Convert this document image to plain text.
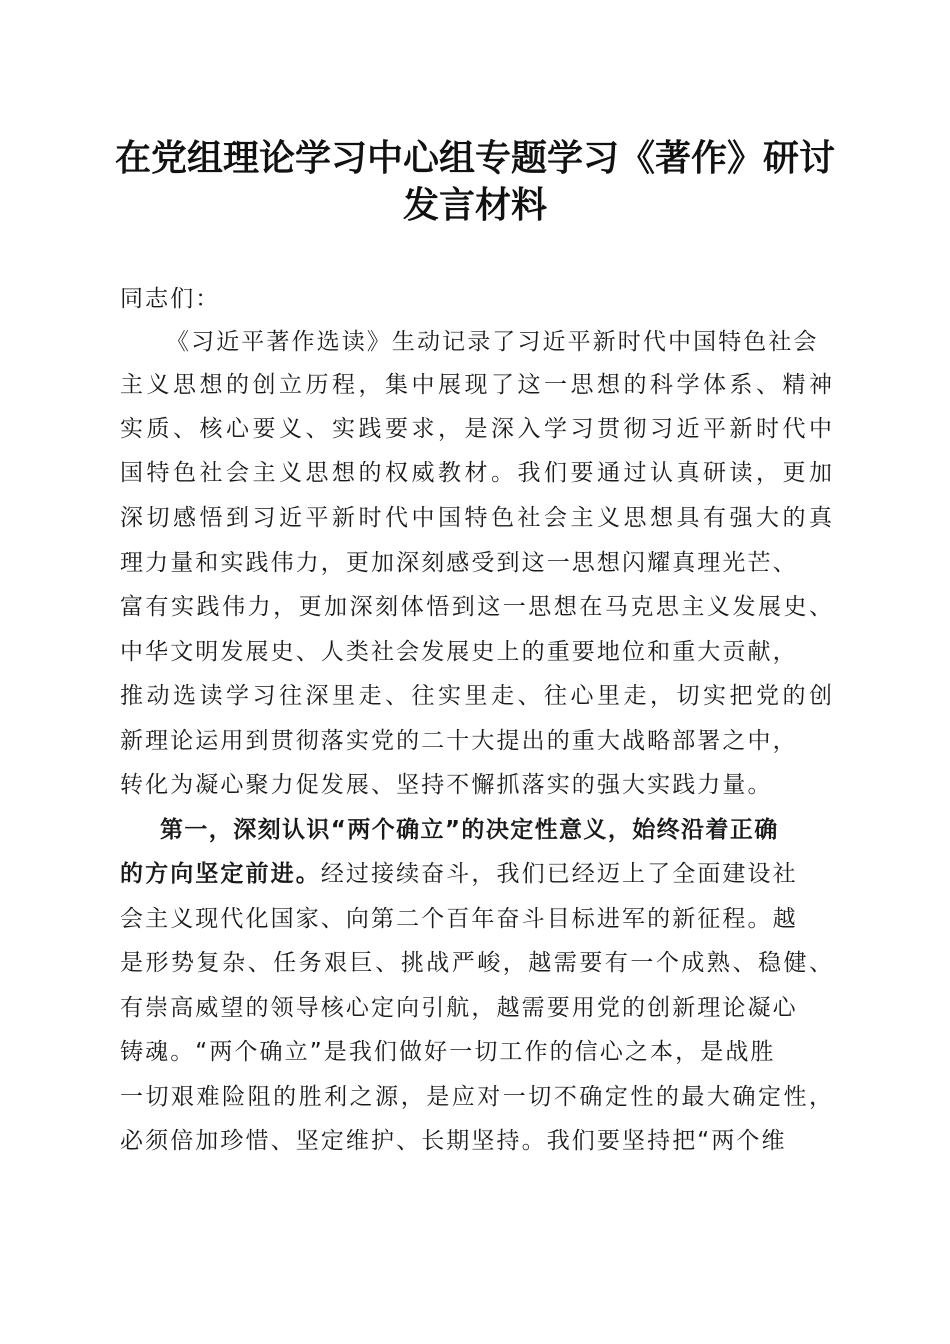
在党组理论学习中心组专题学习《著作》研讨
发言材料
同志们：
《习近平著作选读》生动记录了习近平新时代中国特色社会
主义思想的创立历程，集中展现了这一思想的科学体系、精神
实质、核心要义、实践要求，是深入学习贯彻习近平新时代中
国特色社会主义思想的权威教材。我们要通过认真研读，更加
深切感悟到习近平新时代中国特色社会主义思想具有强大的真
理力量和实践伟力，更加深刻感受到这一思想闪耀真理光芒、
富有实践伟力，更加深刻体悟到这一思想在马克思主义发展史、
中华文明发展史、人类社会发展史上的重要地位和重大贡献，
推动选读学习往深里走、往实里走、往心里走，切实把党的创
新理论运用到贯彻落实党的二十大提出的重大战略部署之中，
转化为凝心聚力促发展、坚持不懈抓落实的强大实践力量。
第一，深刻认识“两个确立”的决定性意义，始终沿着正确
的方向坚定前进。经过接续奋斗，我们已经迈上了全面建设社
会主义现代化国家、向第二个百年奋斗目标进军的新征程。越
是形势复杂、任务艰巨、挑战严峻，越需要有一个成熟、稳健、
有崇高威望的领导核心定向引航，越需要用党的创新理论凝心
铸魂。“两个确立”是我们做好一切工作的信心之本，是战胜
一切艰难险阻的胜利之源，是应对一切不确定性的最大确定性，
必须倍加珍惜、坚定维护、长期坚持。我们要坚持把“两个维
